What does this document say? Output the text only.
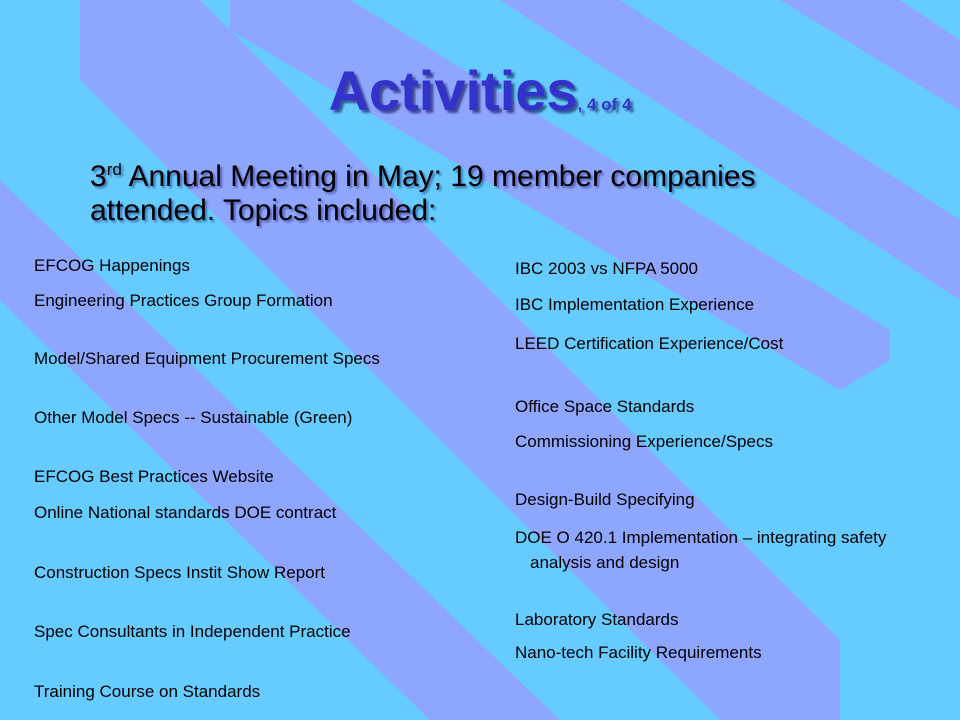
Activities, 4 of 4
3rd Annual Meeting in May; 19 member companies
attended. Topics included:
EFCOG Happenings
Engineering Practices Group Formation
Model/Shared Equipment Procurement Specs
Other Model Specs -- Sustainable (Green)
EFCOG Best Practices Website
Online National standards DOE contract
Construction Specs Instit Show Report
Spec Consultants in Independent Practice
Training Course on Standards
IBC 2003 vs NFPA 5000
IBC Implementation Experience
LEED Certification Experience/Cost
Office Space Standards
Commissioning Experience/Specs
Design-Build Specifying
DOE O 420.1 Implementation – integrating safety analysis and design
Laboratory Standards
Nano-tech Facility Requirements
